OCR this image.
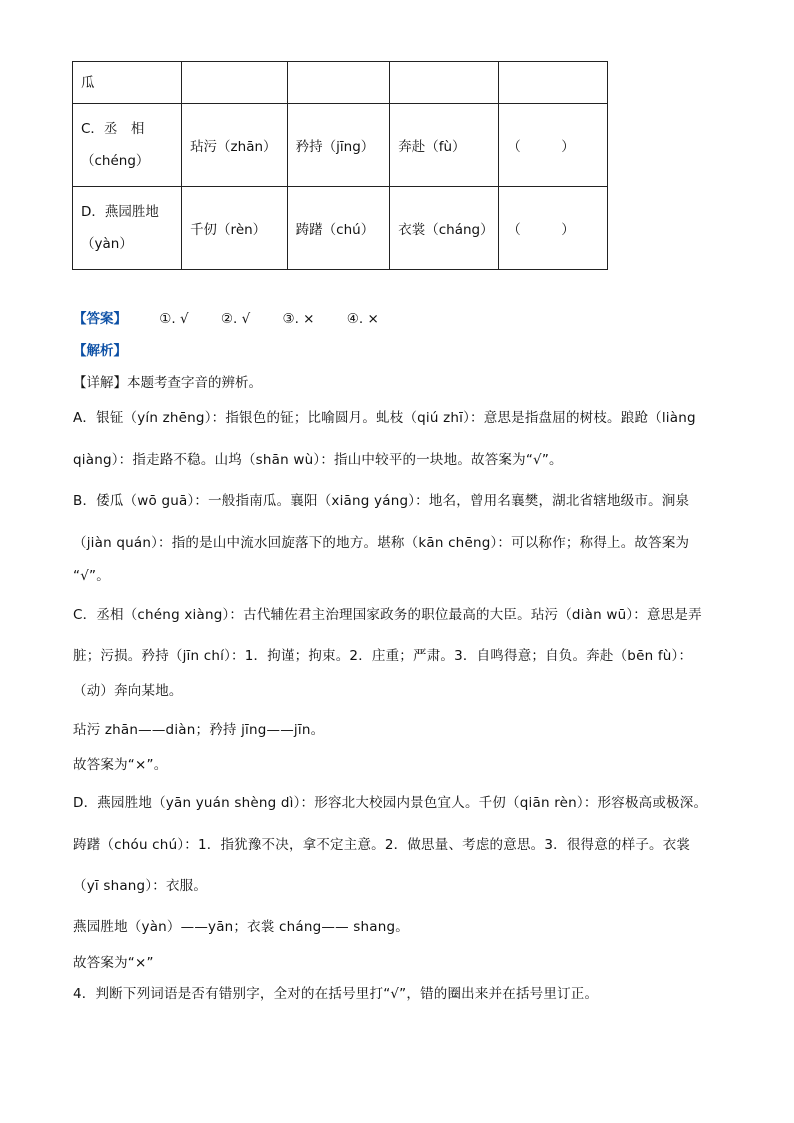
瓜				

C．丞　相
（chéng）	玷污（zhān）	矜持（jīng）	奔赴（fù）	（　　　）

D．燕园胜地
（yàn）	千仞（rèn）	踌躇（chú）	衣裳（cháng）	（　　　）
【答案】 ①. √ ②. √ ③. × ④. ×
【解析】
【详解】本题考查字音的辨析。
A．银钲（yín zhēng）：指银色的钲；比喻圆月。虬枝（qiú zhī）：意思是指盘屈的树枝。踉跄（liàng
qiàng）：指走路不稳。山坞（shān wù）：指山中较平的一块地。故答案为“√”。
B．倭瓜（wō guā）：一般指南瓜。襄阳（xiāng yáng）：地名，曾用名襄樊，湖北省辖地级市。涧泉
（jiàn quán）：指的是山中流水回旋落下的地方。堪称（kān chēng）：可以称作；称得上。故答案为
“√”。
C．丞相（chéng xiàng）：古代辅佐君主治理国家政务的职位最高的大臣。玷污（diàn wū）：意思是弄
脏；污损。矜持（jīn chí）：1．拘谨；拘束。2．庄重；严肃。3．自鸣得意；自负。奔赴（bēn fù）：
（动）奔向某地。
玷污 zhān——diàn；矜持 jīng——jīn。
故答案为“×”。
D．燕园胜地（yān yuán shèng dì）：形容北大校园内景色宜人。千仞（qiān rèn）：形容极高或极深。
踌躇（chóu chú）：1．指犹豫不决，拿不定主意。2．做思量、考虑的意思。3．很得意的样子。衣裳
（yī shang）：衣服。
燕园胜地（yàn）——yān；衣裳 cháng—— shang。
故答案为“×”
4．判断下列词语是否有错别字，全对的在括号里打“√”，错的圈出来并在括号里订正。
